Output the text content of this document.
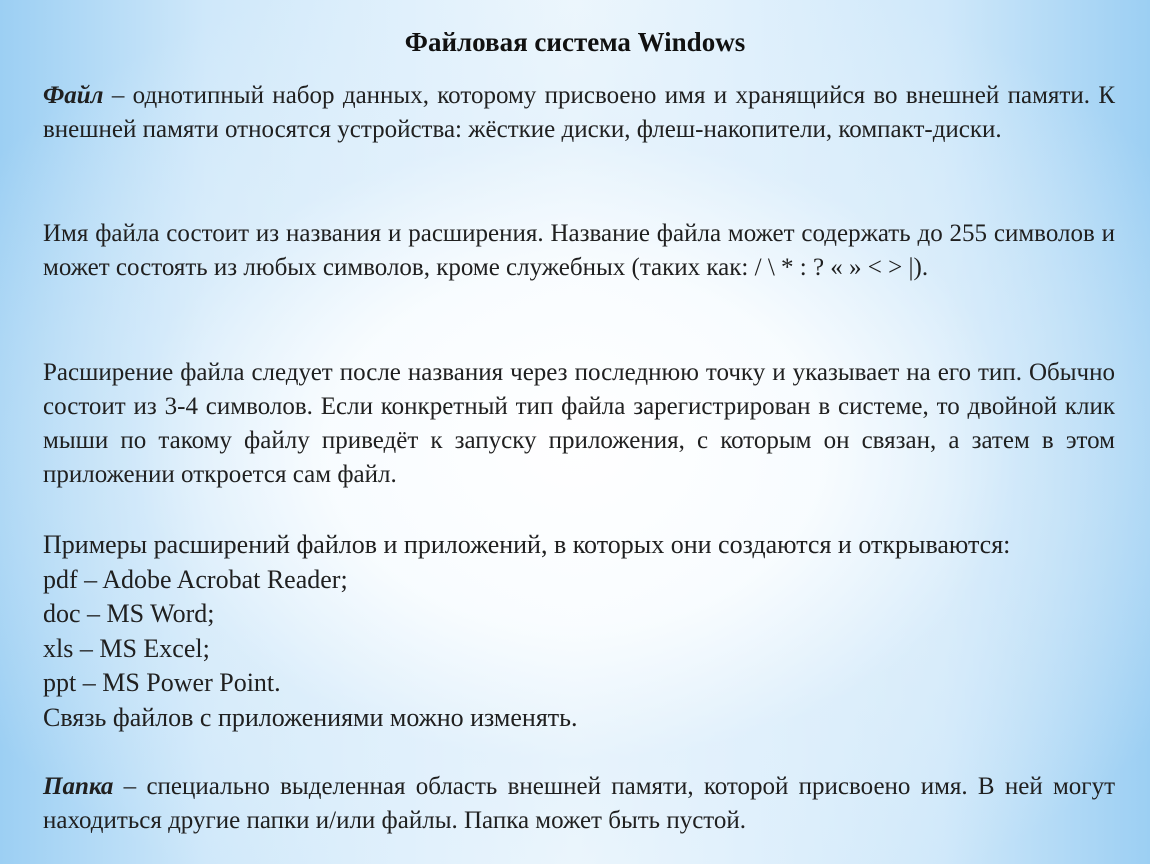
Файловая система Windows
Файл – однотипный набор данных, которому присвоено имя и хранящийся во внешней памяти. К внешней памяти относятся устройства: жёсткие диски, флеш-накопители, компакт-диски.
Имя файла состоит из названия и расширения. Название файла может содержать до 255 символов и может состоять из любых символов, кроме служебных (таких как: / \ * : ? « » < > |).
Расширение файла следует после названия через последнюю точку и указывает на его тип. Обычно состоит из 3-4 символов. Если конкретный тип файла зарегистрирован в системе, то двойной клик мыши по такому файлу приведёт к запуску приложения, с которым он связан, а затем в этом приложении откроется сам файл.
Примеры расширений файлов и приложений, в которых они создаются и открываются:
pdf – Adobe Acrobat Reader;
doc – MS Word;
xls – MS Excel;
ppt – MS Power Point.
Связь файлов с приложениями можно изменять.
Папка – специально выделенная область внешней памяти, которой присвоено имя. В ней могут находиться другие папки и/или файлы. Папка может быть пустой.
